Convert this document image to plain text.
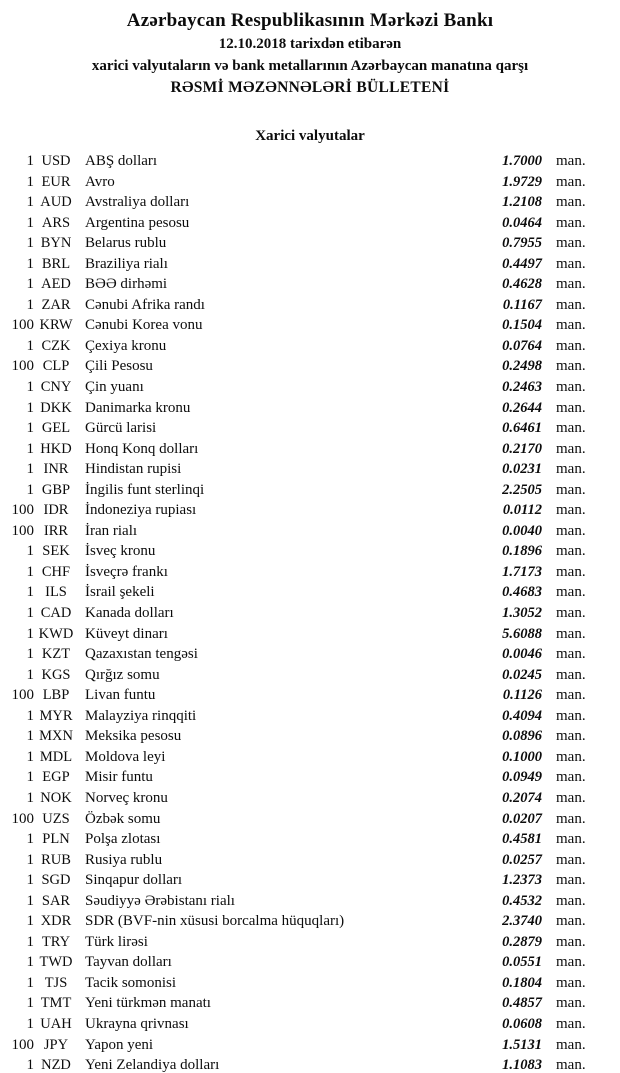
Azərbaycan Respublikasının Mərkəzi Bankı
12.10.2018 tarixdən etibarən
xarici valyutaların və bank metallarının Azərbaycan manatına qarşı
RƏSMİ MƏZƏNNƏLƏRİ BÜLLETENİ
Xarici valyutalar
1 USD ABŞ dolları	1.7000 man.
1 EUR Avro	1.9729 man.
1 AUD Avstraliya dolları	1.2108 man.
1 ARS Argentina pesosu	0.0464 man.
1 BYN Belarus rublu	0.7955 man.
1 BRL Braziliya rialı	0.4497 man.
1 AED BƏƏ dirhəmi	0.4628 man.
1 ZAR Cənubi Afrika randı	0.1167 man.
100 KRW Cənubi Korea vonu	0.1504 man.
1 CZK Çexiya kronu	0.0764 man.
100 CLP	Çili Pesosu	0.2498 man.
1 CNY Çin yuanı	0.2463 man.
1 DKK Danimarka kronu	0.2644 man.
1 GEL Gürcü larisi	0.6461 man.
1 HKD Honq Konq dolları	0.2170 man.
1 INR	Hindistan rupisi	0.0231 man.
1 GBP İngilis funt sterlinqi	2.2505 man.
100 IDR	İndoneziya rupiası	0.0112 man.
100 IRR	İran rialı	0.0040 man.
1 SEK	İsveç kronu	0.1896 man.
1 CHF İsveçrə frankı	1.7173 man.
1 ILS	İsrail şekeli	0.4683 man.
1 CAD Kanada dolları	1.3052 man.
1 KWD Küveyt dinarı	5.6088 man.
1 KZT Qazaxıstan tengəsi	0.0046 man.
1 KGS Qırğız somu	0.0245 man.
100 LBP	Livan funtu	0.1126 man.
1 MYR Malayziya rinqqiti	0.4094 man.
1 MXN Meksika pesosu	0.0896 man.
1 MDL Moldova leyi	0.1000 man.
1 EGP	Misir funtu	0.0949 man.
1 NOK Norveç kronu	0.2074 man.
100 UZS	Özbək somu	0.0207 man.
1 PLN	Polşa zlotası	0.4581 man.
1 RUB Rusiya rublu	0.0257 man.
1 SGD Sinqapur dolları	1.2373 man.
1 SAR Səudiyyə Ərəbistanı rialı	0.4532 man.
1 XDR SDR (BVF-nin xüsusi borcalma hüquqları)	2.3740 man.
1 TRY Türk lirəsi	0.2879 man.
1 TWD Tayvan dolları	0.0551 man.
1 TJS	Tacik somonisi	0.1804 man.
1 TMT Yeni türkmən manatı	0.4857 man.
1 UAH Ukrayna qrivnası	0.0608 man.
100 JPY	Yapon yeni	1.5131 man.
1 NZD Yeni Zelandiya dolları	1.1083 man.
